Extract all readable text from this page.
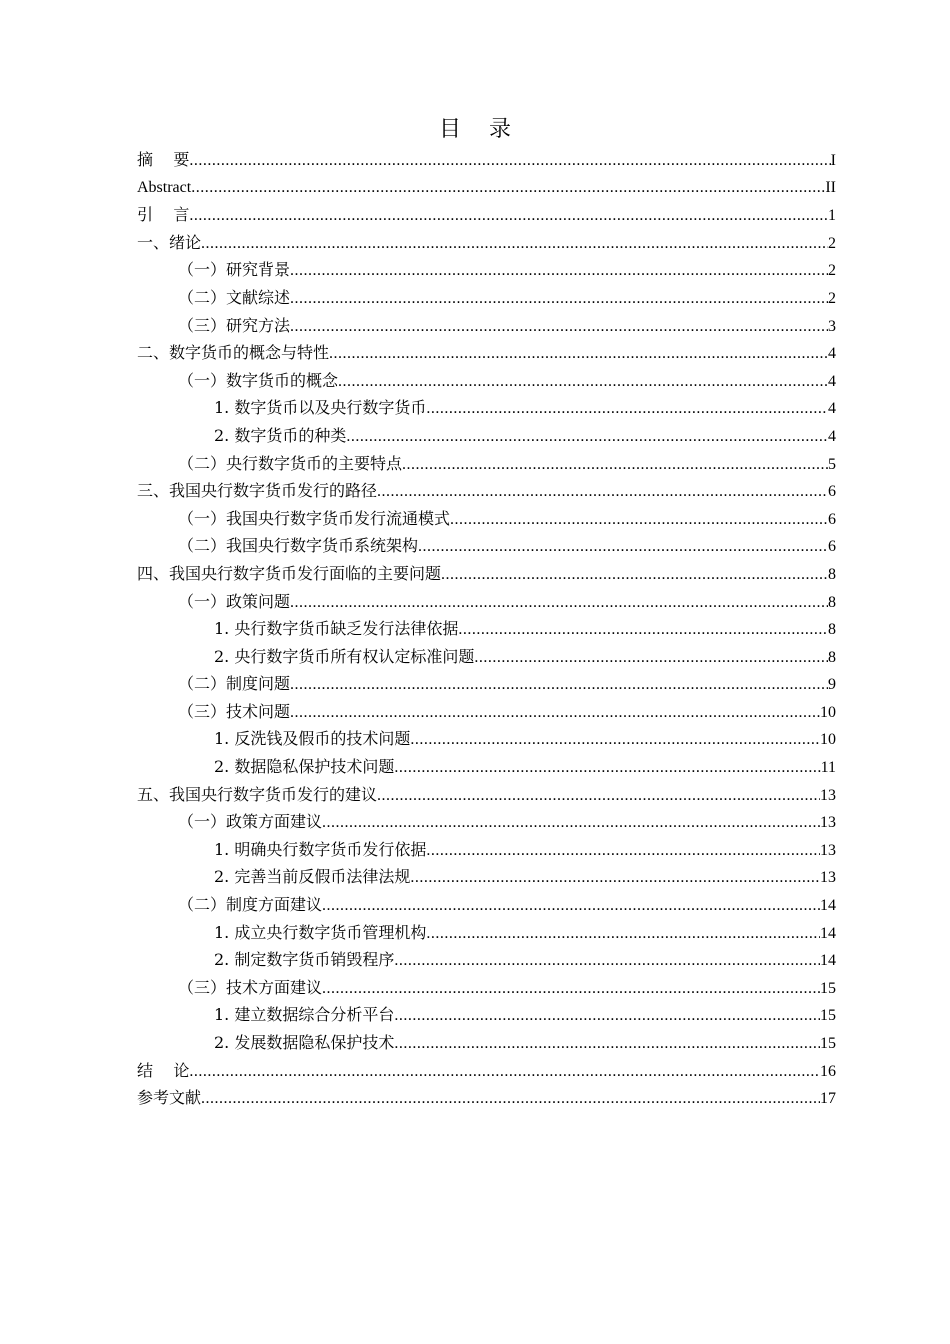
目    录
摘    要 .....	I
Abstract .....	II
引    言 .....	1
一、绪论 .....	2
（一）研究背景 .....	2
（二）文献综述 .....	2
（三）研究方法 .....	3
二、数字货币的概念与特性 .....	4
（一）数字货币的概念 .....	4
1. 数字货币以及央行数字货币 .....	4
2. 数字货币的种类 .....	4
（二）央行数字货币的主要特点 .....	5
三、我国央行数字货币发行的路径 .....	6
（一）我国央行数字货币发行流通模式 .....	6
（二）我国央行数字货币系统架构 .....	6
四、我国央行数字货币发行面临的主要问题 .....	8
（一）政策问题 .....	8
1. 央行数字货币缺乏发行法律依据 .....	8
2. 央行数字货币所有权认定标准问题 .....	8
（二）制度问题 .....	9
（三）技术问题 .....	10
1. 反洗钱及假币的技术问题 .....	10
2. 数据隐私保护技术问题 .....	11
五、我国央行数字货币发行的建议 .....	13
（一）政策方面建议 .....	13
1. 明确央行数字货币发行依据 .....	13
2. 完善当前反假币法律法规 .....	13
（二）制度方面建议 .....	14
1. 成立央行数字货币管理机构 .....	14
2. 制定数字货币销毁程序 .....	14
（三）技术方面建议 .....	15
1. 建立数据综合分析平台 .....	15
2. 发展数据隐私保护技术 .....	15
结    论 .....	16
参考文献 .....	17
